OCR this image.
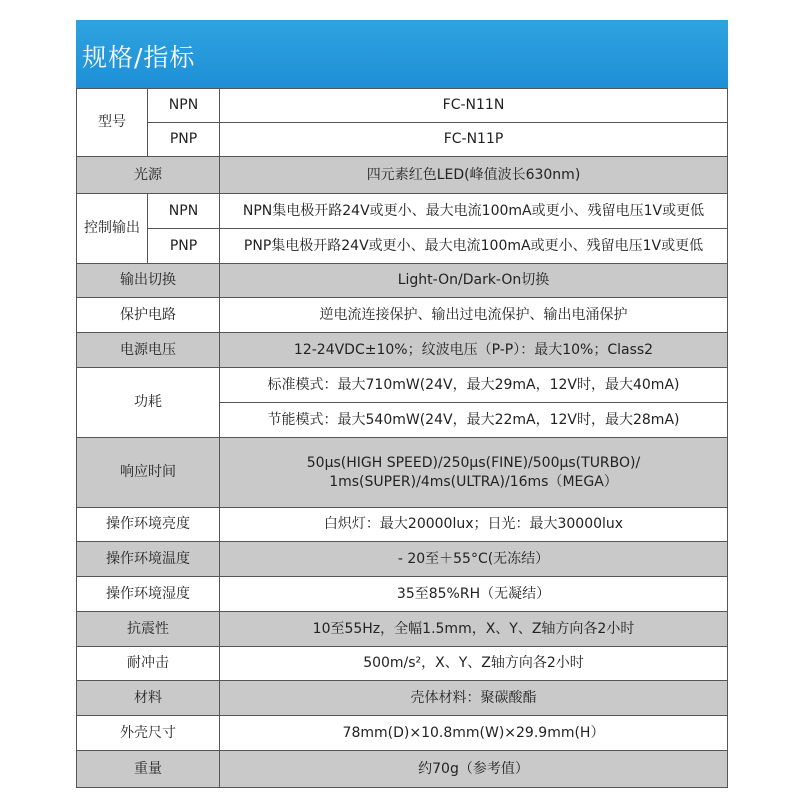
规格/指标
型号
NPN	FC-N11N
PNP	FC-N11P
光源	四元素红色LED(峰值波长630nm)
控制输出
NPN	NPN集电极开路24V或更小、最大电流100mA或更小、残留电压1V或更低
PNP	PNP集电极开路24V或更小、最大电流100mA或更小、残留电压1V或更低
输出切换	Light-On/Dark-On切换
保护电路	逆电流连接保护、输出过电流保护、输出电涌保护
电源电压	12-24VDC±10%；纹波电压（P-P）：最大10%；Class2
功耗
标准模式：最大710mW(24V，最大29mA，12V时，最大40mA)
节能模式：最大540mW(24V，最大22mA，12V时，最大28mA)
响应时间
50μs(HIGH SPEED)/250μs(FINE)/500μs(TURBO)/
1ms(SUPER)/4ms(ULTRA)/16ms（MEGA）
操作环境亮度	白炽灯：最大20000lux；日光：最大30000lux
操作环境温度	- 20至＋55°C(无冻结）
操作环境湿度	35至85%RH（无凝结）
抗震性	10至55Hz，全幅1.5mm，X、Y、Z轴方向各2小时
耐冲击	500m/s²，X、Y、Z轴方向各2小时
材料	壳体材料：聚碳酸酯
外壳尺寸	78mm(D)×10.8mm(W)×29.9mm(H）
重量	约70g（参考值）
